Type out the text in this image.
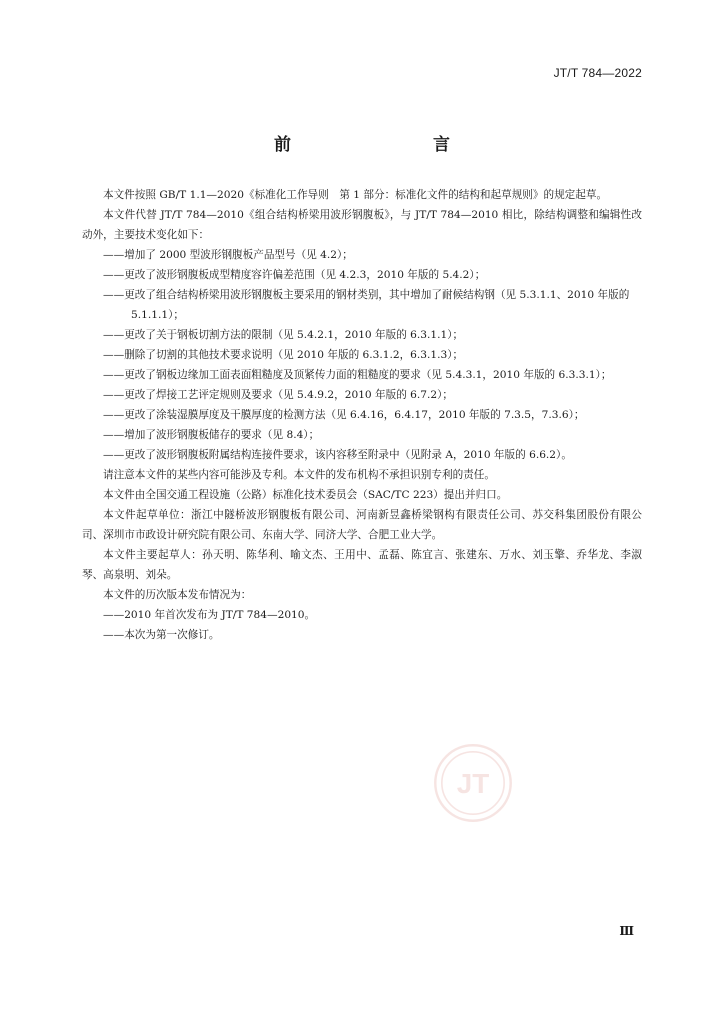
JT/T 784—2022
前　　言

本文件按照 GB/T 1.1—2020《标准化工作导则　第 1 部分：标准化文件的结构和起草规则》的规定起草。

本文件代替 JT/T 784—2010《组合结构桥梁用波形钢腹板》，与 JT/T 784—2010 相比，除结构调整和编辑性改动外，主要技术变化如下：

——增加了 2000 型波形钢腹板产品型号（见 4.2）；

——更改了波形钢腹板成型精度容许偏差范围（见 4.2.3，2010 年版的 5.4.2）；

——更改了组合结构桥梁用波形钢腹板主要采用的钢材类别，其中增加了耐候结构钢（见 5.3.1.1、2010 年版的 5.1.1.1）；

——更改了关于钢板切割方法的限制（见 5.4.2.1，2010 年版的 6.3.1.1）；

——删除了切割的其他技术要求说明（见 2010 年版的 6.3.1.2，6.3.1.3）；

——更改了钢板边缘加工面表面粗糙度及顶紧传力面的粗糙度的要求（见 5.4.3.1，2010 年版的 6.3.3.1）；

——更改了焊接工艺评定规则及要求（见 5.4.9.2，2010 年版的 6.7.2）；

——更改了涂装湿膜厚度及干膜厚度的检测方法（见 6.4.16，6.4.17，2010 年版的 7.3.5，7.3.6）；

——增加了波形钢腹板储存的要求（见 8.4）；

——更改了波形钢腹板附属结构连接件要求，该内容移至附录中（见附录 A，2010 年版的 6.6.2）。

请注意本文件的某些内容可能涉及专利。本文件的发布机构不承担识别专利的责任。

本文件由全国交通工程设施（公路）标准化技术委员会（SAC/TC 223）提出并归口。

本文件起草单位：浙江中隧桥波形钢腹板有限公司、河南新昱鑫桥梁钢构有限责任公司、苏交科集团股份有限公司、深圳市市政设计研究院有限公司、东南大学、同济大学、合肥工业大学。

本文件主要起草人：孙天明、陈华利、喻文杰、王用中、孟磊、陈宜言、张建东、万水、刘玉擎、乔华龙、李淑琴、高泉明、刘朵。

本文件的历次版本发布情况为：

——2010 年首次发布为 JT/T 784—2010。

——本次为第一次修订。

JT
Ⅲ
